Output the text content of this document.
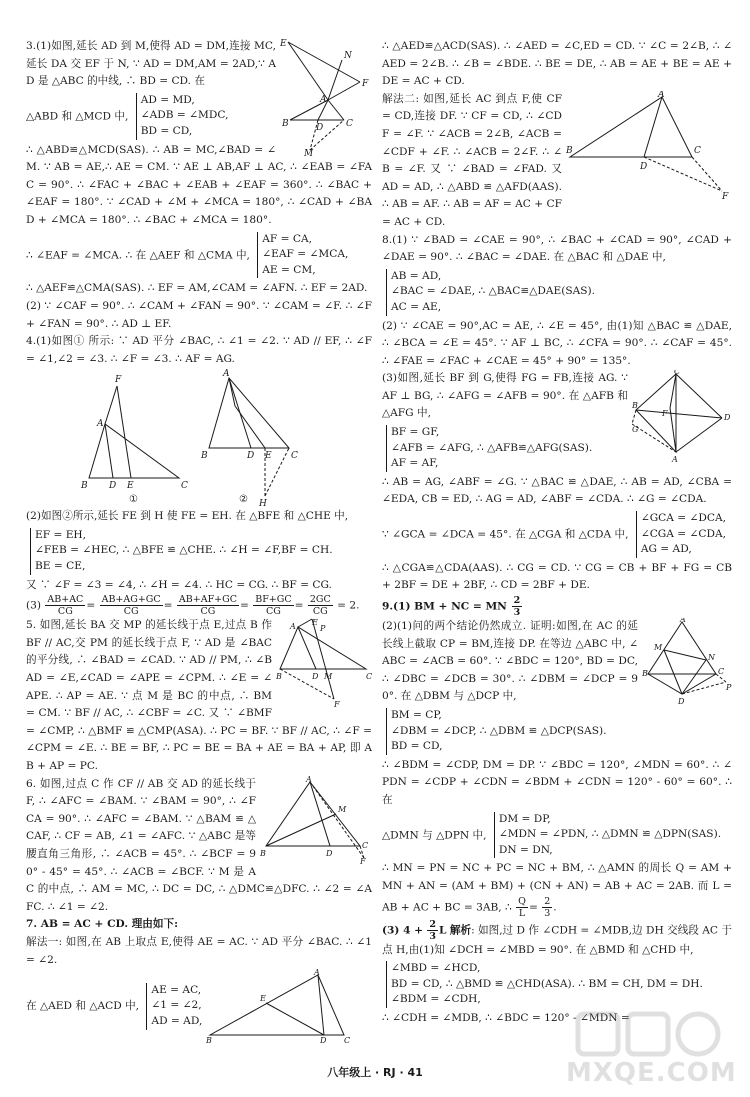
E
N
F
A
B	D	C
M

3.(1)如图,延长 AD 到 M,使得 AD = DM,连接 MC,延长 DA 交 EF 于 N, ∵ AD = DM,AM = 2AD,∵ AD 是 △ABC 的中线, ∴ BD = CD. 在

△ABD 和 △MCD 中,
AD = MD,
∠ADB = ∠MDC,
BD = CD,

∴ △ABD≌△MCD(SAS). ∴ AB = MC,∠BAD = ∠M. ∵ AB = AE,∴ AE = CM. ∵ AE ⊥ AB,AF ⊥ AC, ∴ ∠EAB = ∠FAC = 90°. ∴ ∠FAC + ∠BAC + ∠EAB + ∠EAF = 360°. ∴ ∠BAC + ∠EAF = 180°. ∵ ∠CAD + ∠M + ∠MCA = 180°, ∴ ∠CAD + ∠BAD + ∠MCA = 180°. ∴ ∠BAC + ∠MCA = 180°.

∴ ∠EAF = ∠MCA. ∴ 在 △AEF 和 △CMA 中,
AF = CA,
∠EAF = ∠MCA,
AE = CM,

∴ △AEF≌△CMA(SAS). ∴ EF = AM,∠CAM = ∠AFN. ∴ EF = 2AD.

(2) ∵ ∠CAF = 90°. ∴ ∠CAM + ∠FAN = 90°. ∵ ∠CAM = ∠F. ∴ ∠F + ∠FAN = 90°. ∴ AD ⊥ EF.

4.(1)如图① 所示: ∵ AD 平分 ∠BAC, ∴ ∠1 = ∠2. ∵ AD // EF, ∴ ∠F = ∠1,∠2 = ∠3. ∴ ∠F = ∠3. ∴ AF = AG.

F
A
B	C
D E
A
B	C
D E
H
①	②

(2)如图②所示,延长 FE 到 H 使 FE = EH. 在 △BFE 和 △CHE 中,

EF = EH,
∠FEB = ∠HEC, ∴ △BFE ≌ △CHE. ∴ ∠H = ∠F,BF = CH.
BE = CE,

又 ∵ ∠F = ∠3 = ∠4, ∴ ∠H = ∠4. ∴ HC = CG. ∴ BF = CG.

$(3) \frac{AB+AC}{CG} = \frac{AB+AG+GC}{CG} = \frac{AB+AF+GC}{CG} = \frac{BF+GC}{CG} = \frac{2GC}{CG} = 2$.

E
A	P
B	D M	C
F

5. 如图,延长 BA 交 MP 的延长线于点 E,过点 B 作 BF // AC,交 PM 的延长线于点 F, ∵ AD 是 ∠BAC 的平分线, ∴ ∠BAD = ∠CAD. ∵ AD // PM, ∴ ∠BAD = ∠E,∠CAD = ∠APE = ∠CPM. ∴ ∠E = ∠APE. ∴ AP = AE. ∵ 点 M 是 BC 的中点, ∴ BM = CM. ∵ BF // AC, ∴ ∠CBF = ∠C. 又 ∵ ∠BMF = ∠CMP, ∴ △BMF ≌ △CMP(ASA). ∴ PC = BF. ∵ BF // AC, ∴ ∠F = ∠CPM = ∠E. ∴ BE = BF, ∴ PC = BE = BA + AE = BA + AP, 即 AB + AP = PC.

A
M
B	D
C
F

6. 如图,过点 C 作 CF // AB 交 AD 的延长线于 F, ∴ ∠AFC = ∠BAM. ∵ ∠BAM = 90°, ∴ ∠FCA = 90°. ∴ ∠AFC = ∠BAM. ∵ △BAM ≌ △CAF, ∴ CF = AB, ∠1 = ∠AFC. ∵ △ABC 是等腰直角三角形, ∴ ∠ACB = 45°. ∴ ∠BCF = 90° - 45° = 45°. ∴ ∠ACB = ∠BCF. ∵ M 是 AC 的中点, ∴ AM = MC, ∴ DC = DC, ∴ △DMC≌△DFC. ∴ ∠2 = ∠AFC. ∴ ∠1 = ∠2.

7. AB = AC + CD. 理由如下:

解法一: 如图,在 AB 上取点 E,使得 AE = AC. ∵ AD 平分 ∠BAC. ∴ ∠1 = ∠2.

在 △AED 和 △ACD 中,
AE = AC,
∠1 = ∠2,
AD = AD,

A
E
B	D C

∴ △AED≌△ACD(SAS). ∴ ∠AED = ∠C,ED = CD. ∵ ∠C = 2∠B, ∴ ∠AED = 2∠B. ∴ ∠B = ∠BDE. ∴ BE = DE, ∴ AB = AE + BE = AE + DE = AC + CD.

A
B
D
C
F

解法二: 如图,延长 AC 到点 F,使 CF = CD,连接 DF. ∵ CF = CD, ∴ ∠CDF = ∠F. ∵ ∠ACB = 2∠B, ∠ACB = ∠CDF + ∠F. ∴ ∠ACB = 2∠F. ∴ ∠B = ∠F. 又 ∵ ∠BAD = ∠FAD. 又 AD = AD, ∴ △ABD ≌ △AFD(AAS). ∴ AB = AF. ∴ AB = AF = AC + CF = AC + CD.

8.(1) ∵ ∠BAD = ∠CAE = 90°, ∴ ∠BAC + ∠CAD = 90°, ∠CAD + ∠DAE = 90°. ∴ ∠BAC = ∠DAE. 在 △BAC 和 △DAE 中,

AB = AD,
∠BAC = ∠DAE, ∴ △BAC≌△DAE(SAS).
AC = AE,

(2) ∵ ∠CAE = 90°,AC = AE, ∴ ∠E = 45°, 由(1)知 △BAC ≌ △DAE, ∴ ∠BCA = ∠E = 45°. ∵ AF ⊥ BC, ∴ ∠CFA = 90°. ∴ ∠CAF = 45°. ∴ ∠FAE = ∠FAC + ∠CAE = 45° + 90° = 135°.

C
B
D
A
G
F

(3)如图,延长 BF 到 G,使得 FG = FB,连接 AG. ∵ AF ⊥ BG, ∴ ∠AFG = ∠AFB = 90°. 在 △AFB 和 △AFG 中,

BF = GF,
∠AFB = ∠AFG, ∴ △AFB≌△AFG(SAS).
AF = AF,

∴ AB = AG, ∠ABF = ∠G. ∵ △BAC ≌ △DAE, ∴ AB = AD, ∠CBA = ∠EDA, CB = ED, ∴ AG = AD, ∠ABF = ∠CDA. ∴ ∠G = ∠CDA.

∵ ∠GCA = ∠DCA = 45°. 在 △CGA 和 △CDA 中,
∠GCA = ∠DCA,
∠CGA = ∠CDA,
AG = AD,

∴ △CGA≌△CDA(AAS). ∴ CG = CD. ∵ CG = CB + BF + FG = CB + 2BF = DE + 2BF, ∴ CD = 2BF + DE.

9.(1) BM + NC = MN $\frac{2}{3}$

A
M
N
B	C
P
D

(2)(1)问的两个结论仍然成立. 证明:如图,在 AC 的延长线上截取 CP = BM,连接 DP. 在等边 △ABC 中, ∠ABC = ∠ACB = 60°. ∵ ∠BDC = 120°, BD = DC, ∴ ∠DBC = ∠DCB = 30°. ∴ ∠DBM = ∠DCP = 90°. 在 △DBM 与 △DCP 中,

BM = CP,
∠DBM = ∠DCP, ∴ △DBM ≌ △DCP(SAS).
BD = CD,

∴ ∠BDM = ∠CDP, DM = DP. ∵ ∠BDC = 120°, ∠MDN = 60°. ∴ ∠PDN = ∠CDP + ∠CDN = ∠BDM + ∠CDN = 120° - 60° = 60°. ∴ 在

△DMN 与 △DPN 中,
DM = DP,
∠MDN = ∠PDN, ∴ △DMN ≌ △DPN(SAS).
DN = DN,

∴ MN = PN = NC + PC = NC + BM, ∴ △AMN 的周长 Q = AM + MN + AN = (AM + BM) + (CN + AN) = AB + AC = 2AB. 而 L = AB + AC + BC = 3AB, ∴ $\frac{Q}{L} = \frac{2}{3}$ .

(3) $4 + \frac{2}{3}$ L 解析: 如图,过 D 作 ∠CDH = ∠MDB,边 DH 交线段 AC 于点 H,由(1)知 ∠DCH = ∠MBD = 90°. 在 △BMD 和 △CHD 中,

∠MBD = ∠HCD,
BD = CD, ∴ △BMD ≌ △CHD(ASA). ∴ BM = CH, DM = DH.
∠BDM = ∠CDH,

∴ ∠CDH = ∠MDB, ∴ ∠BDC = 120° - ∠MDN =

八年级上 · RJ · 41	MXQE.COM
